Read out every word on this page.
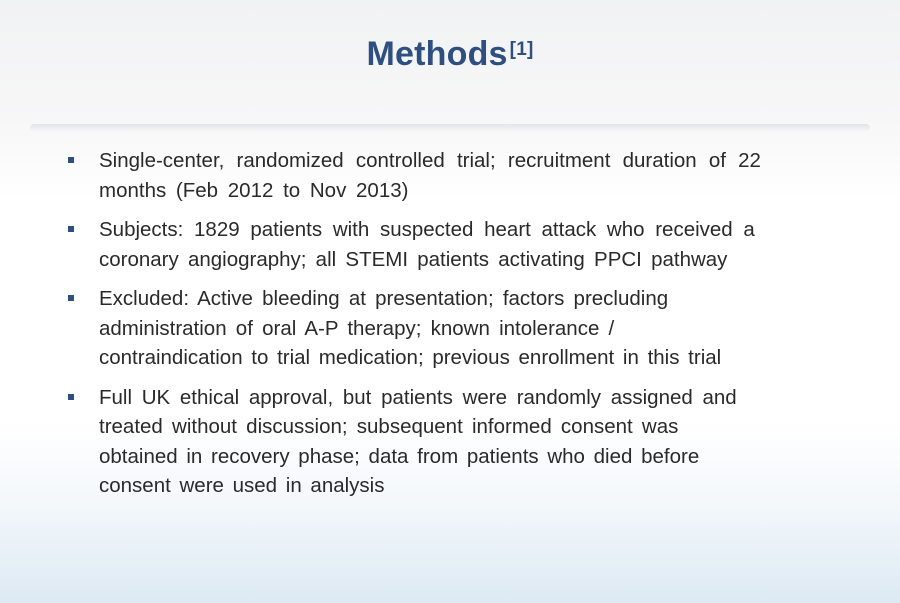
Methods [1]
Single-center, randomized controlled trial; recruitment duration of 22
months (Feb 2012 to Nov 2013)
Subjects: 1829 patients with suspected heart attack who received a
coronary angiography; all STEMI patients activating PPCI pathway
Excluded: Active bleeding at presentation; factors precluding
administration of oral A-P therapy; known intolerance /
contraindication to trial medication; previous enrollment in this trial
Full UK ethical approval, but patients were randomly assigned and
treated without discussion; subsequent informed consent was
obtained in recovery phase; data from patients who died before
consent were used in analysis
